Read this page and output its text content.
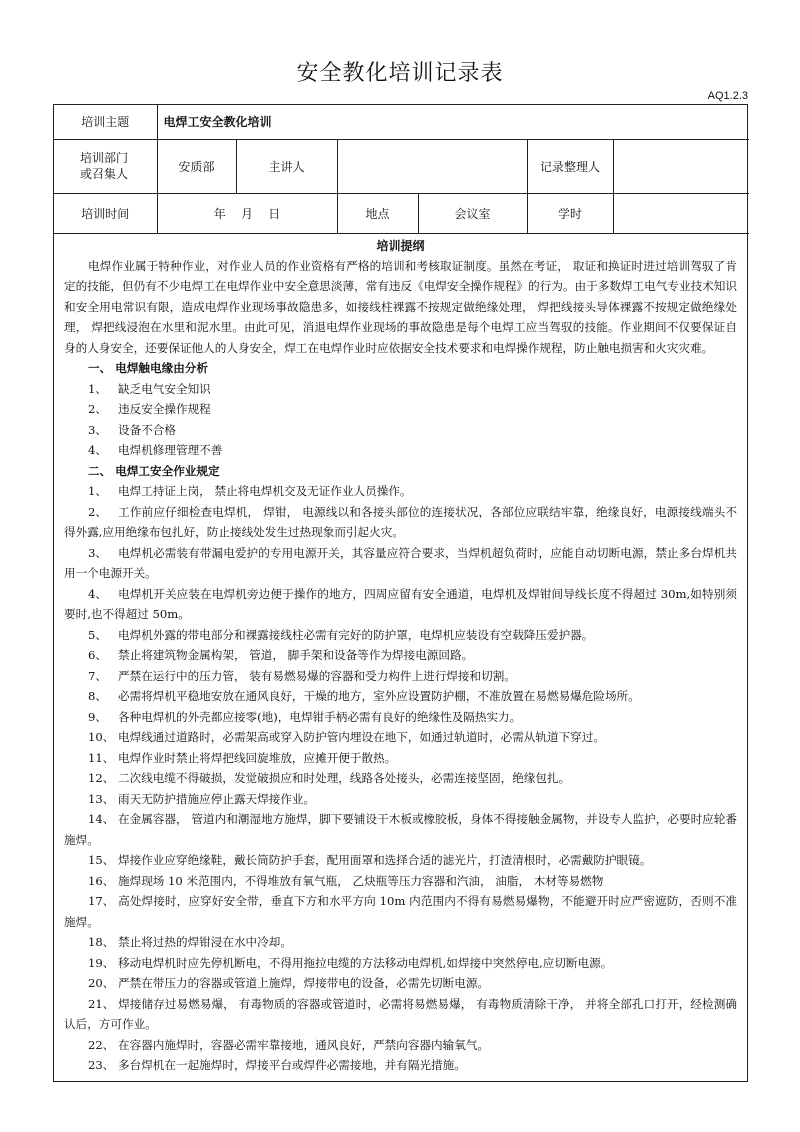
安全教化培训记录表
AQ1.2.3
培训主题	电焊工安全教化培训					

培训部门
或召集人	安质部	主讲人			记录整理人	
培训时间	年    月    日		地点	会议室	学时	
培训提纲

电焊作业属于特种作业，对作业人员的作业资格有严格的培训和考核取证制度。虽然在考证， 取证和换证时进过培训驾驭了肯定的技能，但仍有不少电焊工在电焊作业中安全意思淡薄，常有违反《电焊安全操作规程》的行为。由于多数焊工电气专业技术知识和安全用电常识有限，造成电焊作业现场事故隐患多，如接线柱裸露不按规定做绝缘处理， 焊把线接头导体裸露不按规定做绝缘处理， 焊把线浸泡在水里和泥水里。由此可见，消退电焊作业现场的事故隐患是每个电焊工应当驾驭的技能。作业期间不仅要保证自身的人身安全，还要保证他人的人身安全，焊工在电焊作业时应依据安全技术要求和电焊操作规程，防止触电损害和火灾灾难。

一、 电焊触电缘由分析

1、 缺乏电气安全知识

2、 违反安全操作规程

3、 设备不合格

4、 电焊机修理管理不善

二、 电焊工安全作业规定

1、 电焊工持证上岗， 禁止将电焊机交及无证作业人员操作。

2、 工作前应仔细检查电焊机， 焊钳， 电源线以和各接头部位的连接状况，各部位应联结牢靠，绝缘良好，电源接线端头不得外露,应用绝缘布包扎好，防止接线处发生过热现象而引起火灾。

3、 电焊机必需装有带漏电爱护的专用电源开关，其容量应符合要求，当焊机超负荷时，应能自动切断电源，禁止多台焊机共用一个电源开关。

4、 电焊机开关应装在电焊机旁边便于操作的地方，四周应留有安全通道，电焊机及焊钳间导线长度不得超过 30m,如特别须要时,也不得超过 50m。

5、 电焊机外露的带电部分和裸露接线柱必需有完好的防护罩，电焊机应装设有空载降压爱护器。

6、 禁止将建筑物金属构架， 管道， 脚手架和设备等作为焊接电源回路。

7、 严禁在运行中的压力管， 装有易燃易爆的容器和受力构件上进行焊接和切割。

8、 必需将焊机平稳地安放在通风良好，干燥的地方，室外应设置防护棚，不准放置在易燃易爆危险场所。

9、 各种电焊机的外壳都应接零(地)，电焊钳手柄必需有良好的绝缘性及隔热实力。

10、 电焊线通过道路时，必需架高或穿入防护管内埋设在地下，如通过轨道时，必需从轨道下穿过。

11、 电焊作业时禁止将焊把线回旋堆放，应摊开便于散热。

12、 二次线电缆不得破损，发觉破损应和时处理，线路各处接头，必需连接坚固，绝缘包扎。

13、 雨天无防护措施应停止露天焊接作业。

14、 在金属容器， 管道内和潮湿地方施焊，脚下要铺设干木板或橡胶板，身体不得接触金属物，并设专人监护，必要时应轮番施焊。

15、 焊接作业应穿绝缘鞋，戴长筒防护手套，配用面罩和选择合适的滤光片，打渣清根时，必需戴防护眼镜。

16、 施焊现场 10 米范围内，不得堆放有氧气瓶， 乙炔瓶等压力容器和汽油， 油脂， 木材等易燃物

17、 高处焊接时，应穿好安全带，垂直下方和水平方向 10m 内范围内不得有易燃易爆物，不能避开时应严密遮防，否则不准施焊。

18、 禁止将过热的焊钳浸在水中冷却。

19、 移动电焊机时应先停机断电，不得用拖拉电缆的方法移动电焊机,如焊接中突然停电,应切断电源。

20、 严禁在带压力的容器或管道上施焊，焊接带电的设备，必需先切断电源。

21、 焊接储存过易燃易爆， 有毒物质的容器或管道时，必需将易燃易爆， 有毒物质清除干净， 并将全部孔口打开，经检测确认后，方可作业。

22、 在容器内施焊时，容器必需牢靠接地，通风良好，严禁向容器内输氧气。

23、 多台焊机在一起施焊时，焊接平台或焊件必需接地，并有隔光措施。
